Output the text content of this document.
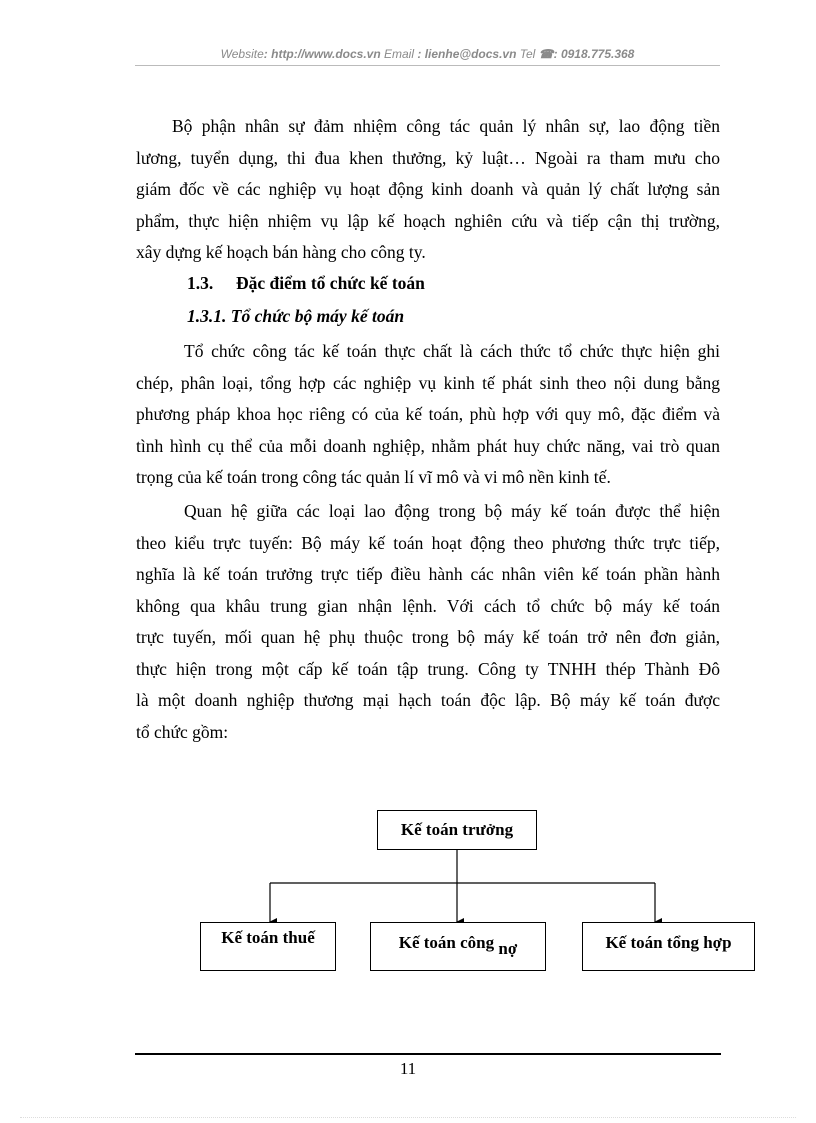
Website: http://www.docs.vn Email : lienhe@docs.vn Tel ☎: 0918.775.368
Bộ phận nhân sự đảm nhiệm công tác quản lý nhân sự, lao động tiền
lương, tuyển dụng, thi đua khen thưởng, kỷ luật… Ngoài ra tham mưu cho
giám đốc về các nghiệp vụ hoạt động kinh doanh và quản lý chất lượng sản
phẩm, thực hiện nhiệm vụ lập kế hoạch nghiên cứu và tiếp cận thị trường,
xây dựng kế hoạch bán hàng cho công ty.
1.3. Đặc điểm tổ chức kế toán
1.3.1. Tổ chức bộ máy kế toán
Tổ chức công tác kế toán thực chất là cách thức tổ chức thực hiện ghi
chép, phân loại, tổng hợp các nghiệp vụ kinh tế phát sinh theo nội dung bằng
phương pháp khoa học riêng có của kế toán, phù hợp với quy mô, đặc điểm và
tình hình cụ thể của mỗi doanh nghiệp, nhằm phát huy chức năng, vai trò quan
trọng của kế toán trong công tác quản lí vĩ mô và vi mô nền kinh tế.
Quan hệ giữa các loại lao động trong bộ máy kế toán được thể hiện
theo kiểu trực tuyến: Bộ máy kế toán hoạt động theo phương thức trực tiếp,
nghĩa là kế toán trưởng trực tiếp điều hành các nhân viên kế toán phần hành
không qua khâu trung gian nhận lệnh. Với cách tổ chức bộ máy kế toán
trực tuyến, mối quan hệ phụ thuộc trong bộ máy kế toán trở nên đơn giản,
thực hiện trong một cấp kế toán tập trung. Công ty TNHH thép Thành Đô
là một doanh nghiệp thương mại hạch toán độc lập. Bộ máy kế toán được
tổ chức gồm:
Kế toán trưởng
Kế toán thuế	Kế toán công nợ	Kế toán tổng hợp
11
